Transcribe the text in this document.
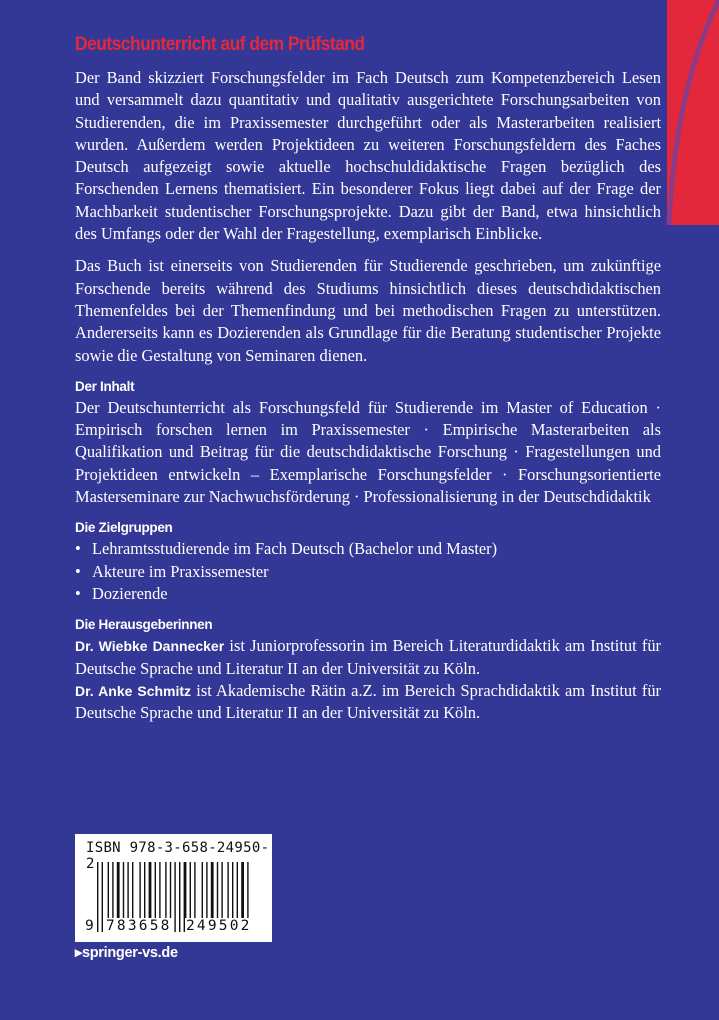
Deutschunterricht auf dem Prüfstand

Der Band skizziert Forschungsfelder im Fach Deutsch zum Kompetenzbereich Lesen und versammelt dazu quantitativ und qualitativ ausgerichtete Forschungsarbeiten von Studierenden, die im Praxissemester durchgeführt oder als Masterarbeiten realisiert wurden. Außerdem werden Projektideen zu weiteren Forschungsfeldern des Faches Deutsch aufgezeigt sowie aktuelle hochschuldidaktische Fragen bezüglich des Forschenden Lernens thematisiert. Ein besonderer Fokus liegt dabei auf der Frage der Machbarkeit studentischer Forschungsprojekte. Dazu gibt der Band, etwa hinsichtlich des Umfangs oder der Wahl der Fragestellung, exemplarisch Einblicke.

Das Buch ist einerseits von Studierenden für Studierende geschrieben, um zukünftige Forschende bereits während des Studiums hinsichtlich dieses deutschdidaktischen Themenfeldes bei der Themenfindung und bei methodischen Fragen zu unterstützen. Andererseits kann es Dozierenden als Grundlage für die Beratung studentischer Projekte sowie die Gestaltung von Seminaren dienen.

Der Inhalt

Der Deutschunterricht als Forschungsfeld für Studierende im Master of Education · Empirisch forschen lernen im Praxissemester · Empirische Masterarbeiten als Qualifikation und Beitrag für die deutschdidaktische Forschung · Fragestellungen und Projektideen entwickeln – Exemplarische Forschungsfelder · Forschungsorientierte Masterseminare zur Nachwuchsförderung · Professionalisierung in der Deutschdidaktik

Die Zielgruppen
• Lehramtsstudierende im Fach Deutsch (Bachelor und Master)
• Akteure im Praxissemester
• Dozierende
Die Herausgeberinnen

Dr. Wiebke Dannecker ist Juniorprofessorin im Bereich Literaturdidaktik am Institut für Deutsche Sprache und Literatur II an der Universität zu Köln.

Dr. Anke Schmitz ist Akademische Rätin a.Z. im Bereich Sprachdidaktik am Institut für Deutsche Sprache und Literatur II an der Universität zu Köln.

ISBN 978-3-658-24950-2
9 783658 249502
▸springer-vs.de
